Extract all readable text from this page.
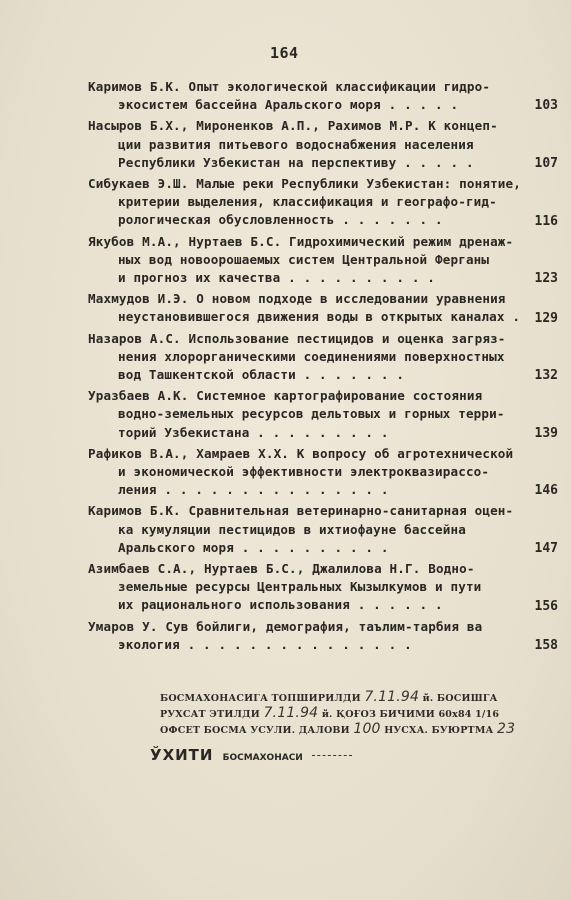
164
Каримов Б.К. Опыт экологической классификации гидро-
экосистем бассейна Аральского моря . . . . .	103
Насыров Б.Х., Мироненков А.П., Рахимов М.Р. К концеп-
ции развития питьевого водоснабжения населения
Республики Узбекистан на перспективу . . . . .	107
Сибукаев Э.Ш. Малые реки Республики Узбекистан: понятие,
критерии выделения, классификация и географо-гид-
рологическая обусловленность . . . . . . .	116
Якубов М.А., Нуртаев Б.С. Гидрохимический режим дренаж-
ных вод новоорошаемых систем Центральной Ферганы
и прогноз их качества . . . . . . . . . .	123
Махмудов И.Э. О новом подходе в исследовании уравнения
неустановившегося движения воды в открытых каналах .	129
Назаров А.С. Использование пестицидов и оценка загряз-
нения хлорорганическими соединениями поверхностных
вод Ташкентской области . . . . . . .	132
Уразбаев А.К. Системное картографирование состояния
водно-земельных ресурсов дельтовых и горных терри-
торий Узбекистана . . . . . . . . .	139
Рафиков В.А., Хамраев Х.Х. К вопросу об агротехнической
и экономической эффективности электроквазирассо-
ления . . . . . . . . . . . . . . .	146
Каримов Б.К. Сравнительная ветеринарно-санитарная оцен-
ка кумуляции пестицидов в ихтиофауне бассейна
Аральского моря . . . . . . . . . .	147
Азимбаев С.А., Нуртаев Б.С., Джалилова Н.Г. Водно-
земельные ресурсы Центральных Кызылкумов и пути
их рационального использования . . . . . .	156
Умаров У. Сув бойлиги, демография, таълим-тарбия ва
экология . . . . . . . . . . . . . . .	158
БОСМАХОНАСИГА ТОПШИРИЛДИ 7.11.94 й. БОСИШГА
РУХСАТ ЭТИЛДИ 7.11.94 й. ҚОҒОЗ БИЧИМИ 60x84 1/16
ОФСЕТ БОСМА УСУЛИ. ДАЛОВИ 100 НУСХА. БУЮРТМА 23
ЎХИТИ БОСМАХОНАСИ
